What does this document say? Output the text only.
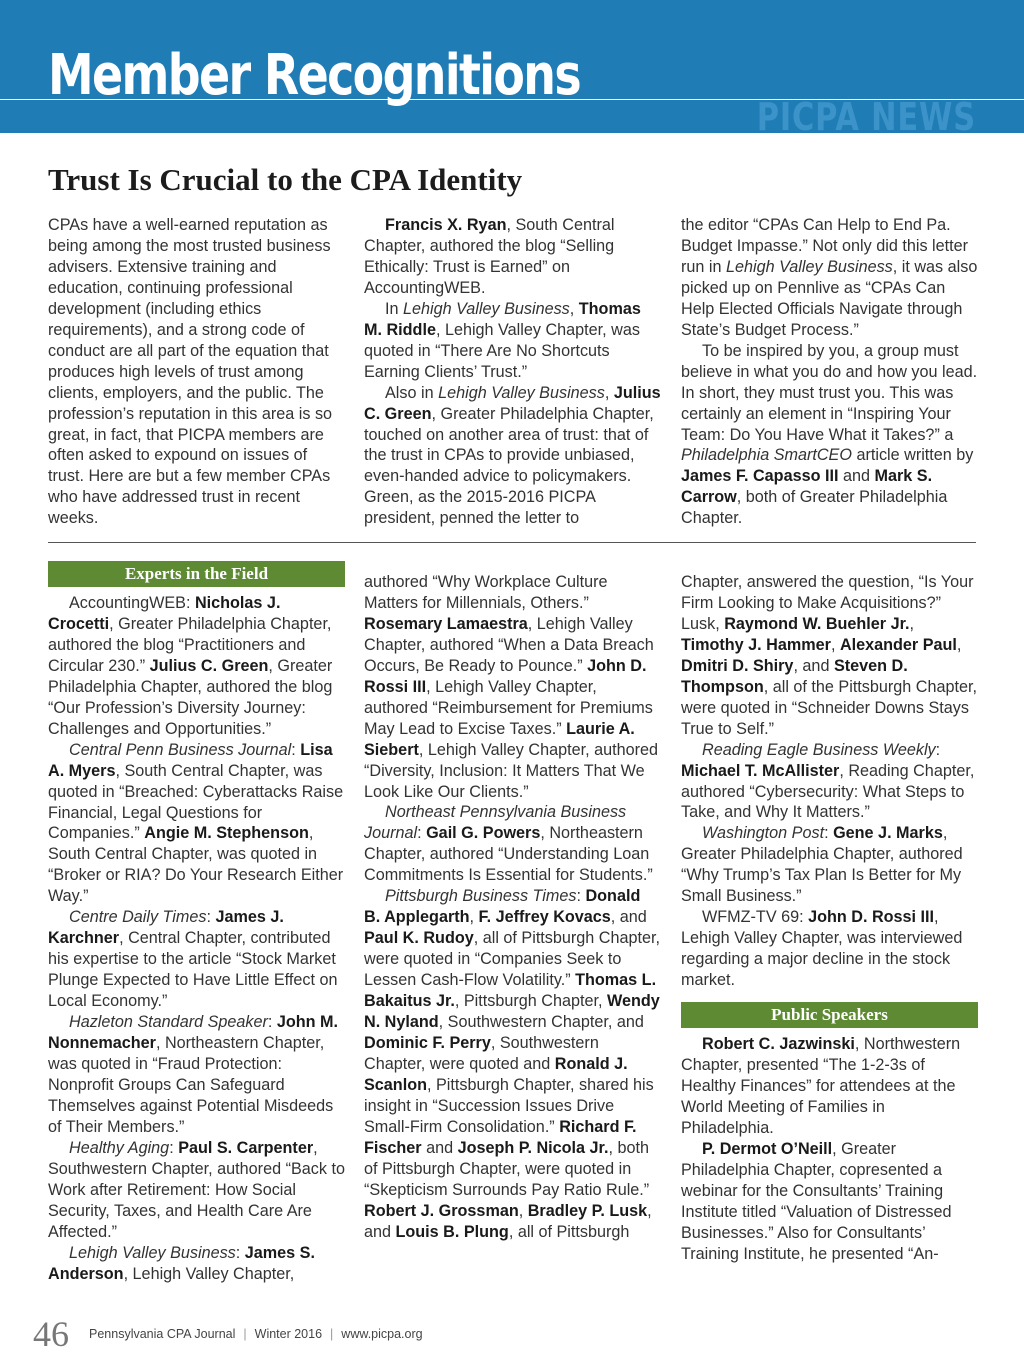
Member Recognitions
PICPA NEWS
Trust Is Crucial to the CPA Identity

CPAs have a well-earned reputation as being among the most trusted business advisers. Extensive training and education, continuing professional development (including ethics requirements), and a strong code of conduct are all part of the equation that produces high levels of trust among clients, employers, and the public. The profession’s reputation in this area is so great, in fact, that PICPA members are often asked to expound on issues of trust. Here are but a few member CPAs who have addressed trust in recent weeks.

Francis X. Ryan, South Central Chapter, authored the blog “Selling Ethically: Trust is Earned” on AccountingWEB.

In Lehigh Valley Business, Thomas M. Riddle, Lehigh Valley Chapter, was quoted in “There Are No Shortcuts Earning Clients’ Trust.”

Also in Lehigh Valley Business, Julius C. Green, Greater Philadelphia Chapter, touched on another area of trust: that of the trust in CPAs to provide unbiased, even-handed advice to policymakers. Green, as the 2015-2016 PICPA president, penned the letter to

the editor “CPAs Can Help to End Pa. Budget Impasse.” Not only did this letter run in Lehigh Valley Business, it was also picked up on Pennlive as “CPAs Can Help Elected Officials Navigate through State’s Budget Process.”

To be inspired by you, a group must believe in what you do and how you lead. In short, they must trust you. This was certainly an element in “Inspiring Your Team: Do You Have What it Takes?” a Philadelphia SmartCEO article written by James F. Capasso III and Mark S. Carrow, both of Greater Philadelphia Chapter.

Experts in the Field

AccountingWEB: Nicholas J. Crocetti, Greater Philadelphia Chapter, authored the blog “Practitioners and Circular 230.” Julius C. Green, Greater Philadelphia Chapter, authored the blog “Our Profession’s Diversity Journey: Challenges and Opportunities.”

Central Penn Business Journal: Lisa A. Myers, South Central Chapter, was quoted in “Breached: Cyberattacks Raise Financial, Legal Questions for Companies.” Angie M. Stephenson, South Central Chapter, was quoted in “Broker or RIA? Do Your Research Either Way.”

Centre Daily Times: James J. Karchner, Central Chapter, contributed his expertise to the article “Stock Market Plunge Expected to Have Little Effect on Local Economy.”

Hazleton Standard Speaker: John M. Nonnemacher, Northeastern Chapter, was quoted in “Fraud Protection: Nonprofit Groups Can Safeguard Themselves against Potential Misdeeds of Their Members.”

Healthy Aging: Paul S. Carpenter, Southwestern Chapter, authored “Back to Work after Retirement: How Social Security, Taxes, and Health Care Are Affected.”

Lehigh Valley Business: James S. Anderson, Lehigh Valley Chapter,

authored “Why Workplace Culture Matters for Millennials, Others.” Rosemary Lamaestra, Lehigh Valley Chapter, authored “When a Data Breach Occurs, Be Ready to Pounce.” John D. Rossi III, Lehigh Valley Chapter, authored “Reimbursement for Premiums May Lead to Excise Taxes.” Laurie A. Siebert, Lehigh Valley Chapter, authored “Diversity, Inclusion: It Matters That We Look Like Our Clients.”

Northeast Pennsylvania Business Journal: Gail G. Powers, Northeastern Chapter, authored “Understanding Loan Commitments Is Essential for Students.”

Pittsburgh Business Times: Donald B. Applegarth, F. Jeffrey Kovacs, and Paul K. Rudoy, all of Pittsburgh Chapter, were quoted in “Companies Seek to Lessen Cash-Flow Volatility.” Thomas L. Bakaitus Jr., Pittsburgh Chapter, Wendy N. Nyland, Southwestern Chapter, and Dominic F. Perry, Southwestern Chapter, were quoted and Ronald J. Scanlon, Pittsburgh Chapter, shared his insight in “Succession Issues Drive Small-Firm Consolidation.” Richard F. Fischer and Joseph P. Nicola Jr., both of Pittsburgh Chapter, were quoted in “Skepticism Surrounds Pay Ratio Rule.” Robert J. Grossman, Bradley P. Lusk, and Louis B. Plung, all of Pittsburgh

Chapter, answered the question, “Is Your Firm Looking to Make Acquisitions?” Lusk, Raymond W. Buehler Jr., Timothy J. Hammer, Alexander Paul, Dmitri D. Shiry, and Steven D. Thompson, all of the Pittsburgh Chapter, were quoted in “Schneider Downs Stays True to Self.”

Reading Eagle Business Weekly: Michael T. McAllister, Reading Chapter, authored “Cybersecurity: What Steps to Take, and Why It Matters.”

Washington Post: Gene J. Marks, Greater Philadelphia Chapter, authored “Why Trump’s Tax Plan Is Better for My Small Business.”

WFMZ-TV 69: John D. Rossi III, Lehigh Valley Chapter, was interviewed regarding a major decline in the stock market.

Public Speakers

Robert C. Jazwinski, Northwestern Chapter, presented “The 1-2-3s of Healthy Finances” for attendees at the World Meeting of Families in Philadelphia.

P. Dermot O’Neill, Greater Philadelphia Chapter, copresented a webinar for the Consultants’ Training Institute titled “Valuation of Distressed Businesses.” Also for Consultants’ Training Institute, he presented “An-

46 Pennsylvania CPA Journal | Winter 2016 | www.picpa.org
